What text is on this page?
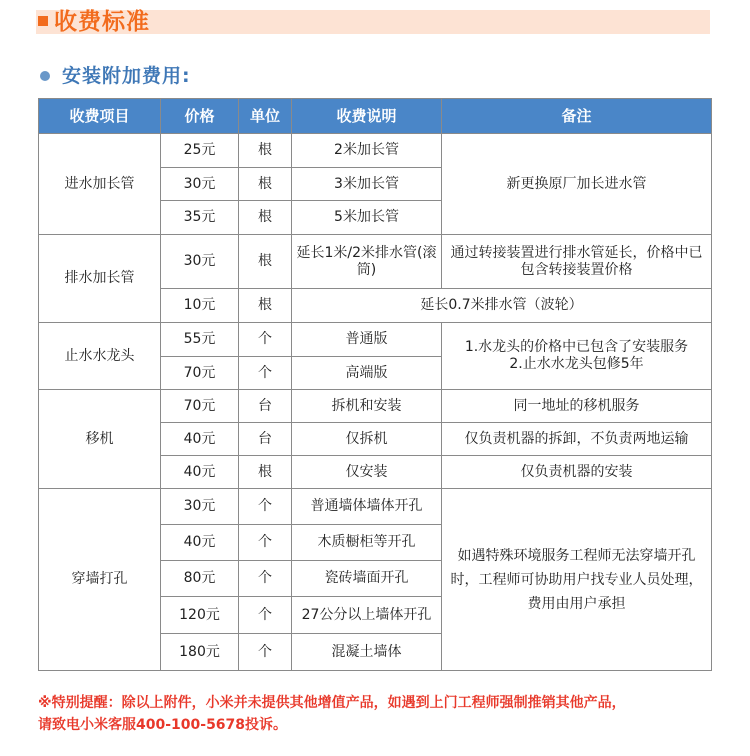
收费标准
安装附加费用:
收费项目	价格	单位	收费说明	备注
进水加长管	25元	根	2米加长管	新更换原厂加长进水管
	30元	根	3米加长管	
	35元	根	5米加长管	
排水加长管	30元	根	延长1米/2米排水管(滚筒)	通过转接装置进行排水管延长，价格中已包含转接装置价格
	10元	根	延长0.7米排水管（波轮）	
止水水龙头	55元	个	普通版	1.水龙头的价格中已包含了安装服务
2.止水水龙头包修5年

	70元	个	高端版	
移机	70元	台	拆机和安装	同一地址的移机服务
	40元	台	仅拆机	仅负责机器的拆卸，不负责两地运输
	40元	根	仅安装	仅负责机器的安装
穿墙打孔	30元	个	普通墙体墙体开孔	如遇特殊环境服务工程师无法穿墙开孔时，工程师可协助用户找专业人员处理，费用由用户承担
	40元	个	木质橱柜等开孔	
	80元	个	瓷砖墙面开孔	
	120元	个	27公分以上墙体开孔	
	180元	个	混凝土墙体	
※特别提醒：除以上附件，小米并未提供其他增值产品，如遇到上门工程师强制推销其他产品，
请致电小米客服400-100-5678投诉。
